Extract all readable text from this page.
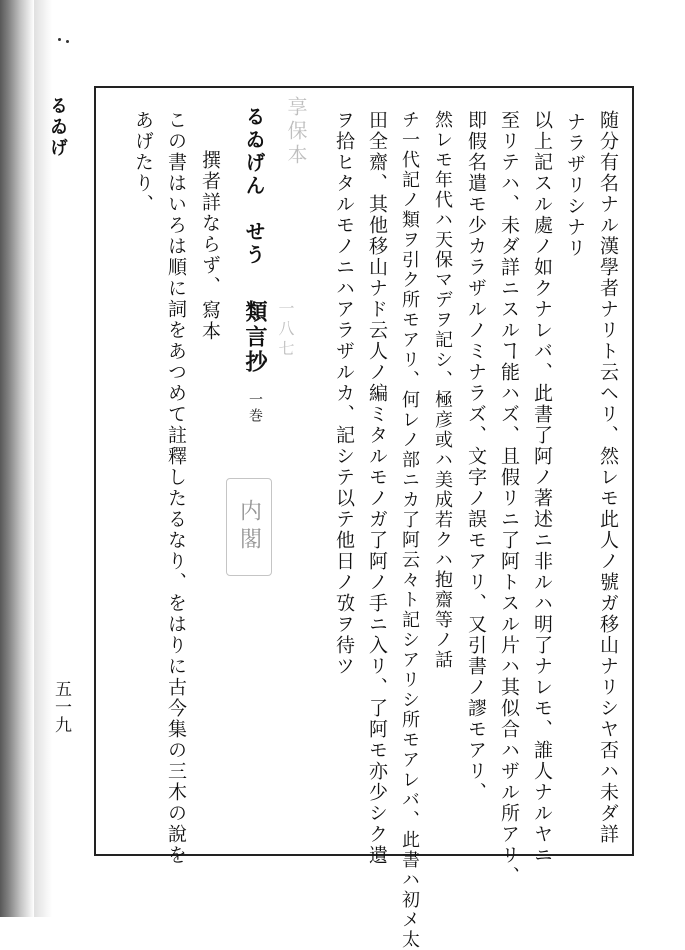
るゐげ
五一九	随分有名ナル漢學者ナリト云ヘリ、然レモ此人ノ號ガ移山ナリシヤ否ハ未ダ詳
ナラザリシナリ
以上記スル處ノ如クナレバ、此書了阿ノ著述ニ非ルハ明了ナレモ、誰人ナルヤニ
至リテハ、未ダ詳ニスルヿ能ハズ、且假リニ了阿トスル片ハ其似合ハザル所アリ、
即假名遣モ少カラザルノミナラズ、文字ノ誤モアリ、又引書ノ謬モアリ、
然レモ年代ハ天保マデヲ記シ、極彦或ハ美成若クハ抱齋等ノ話
チ一代記ノ類ヲ引ク所モアリ、何レノ部ニカ了阿云々ト記シアリシ所モアレバ、此書ハ初メ太
田全齋、其他移山ナド云人ノ編ミタルモノガ了阿ノ手ニ入リ、了阿モ亦少シク遺
ヲ拾ヒタルモノニハアラザルカ、記シテ以テ他日ノ攷ヲ待ツ
享保本
一八七
るゐげん　せう
類言抄
一巻
内閣
撰者詳ならず、
寫本
この書はいろは順に詞をあつめて註釋したるなり、をはりに古今集の三木の說を
あげたり、
